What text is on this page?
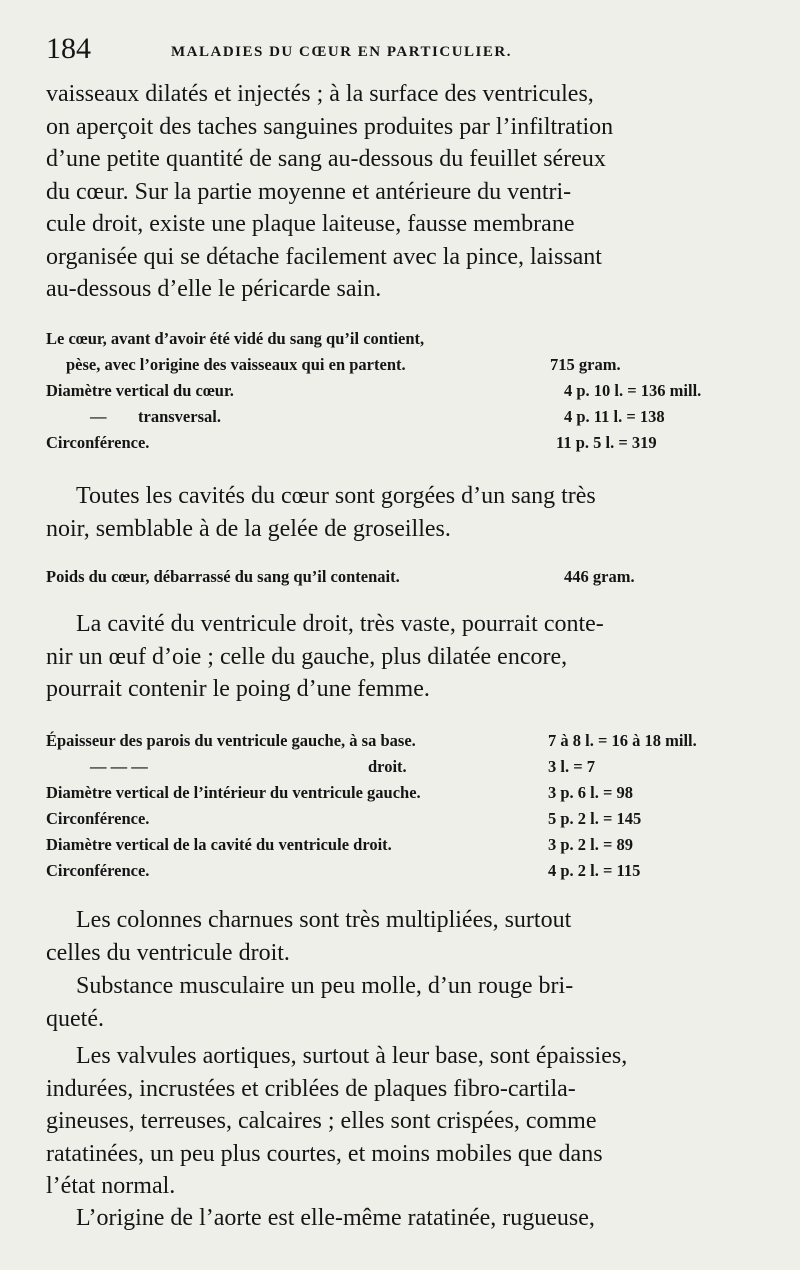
184	MALADIES DU CŒUR EN PARTICULIER.
vaisseaux dilatés et injectés ; à la surface des ventricules,
on aperçoit des taches sanguines produites par l’infiltration
d’une petite quantité de sang au-dessous du feuillet séreux
du cœur. Sur la partie moyenne et antérieure du ventri-
cule droit, existe une plaque laiteuse, fausse membrane
organisée qui se détache facilement avec la pince, laissant
au-dessous d’elle le péricarde sain.
Le cœur, avant d’avoir été vidé du sang qu’il contient,
pèse, avec l’origine des vaisseaux qui en partent.	715 gram.
Diamètre vertical du cœur.	4 p. 10 l. = 136 mill.
— transversal.	4 p. 11 l. = 138
Circonférence.	11 p. 5 l. = 319
Toutes les cavités du cœur sont gorgées d’un sang très
noir, semblable à de la gelée de groseilles.
Poids du cœur, débarrassé du sang qu’il contenait.	446 gram.
La cavité du ventricule droit, très vaste, pourrait conte-
nir un œuf d’oie ; celle du gauche, plus dilatée encore,
pourrait contenir le poing d’une femme.
Épaisseur des parois du ventricule gauche, à sa base.	7 à 8 l. = 16 à 18 mill.
— — —	droit.	3 l. = 7
Diamètre vertical de l’intérieur du ventricule gauche.	3 p. 6 l. = 98
Circonférence.	5 p. 2 l. = 145
Diamètre vertical de la cavité du ventricule droit.	3 p. 2 l. = 89
Circonférence.	4 p. 2 l. = 115
Les colonnes charnues sont très multipliées, surtout
celles du ventricule droit.
Substance musculaire un peu molle, d’un rouge bri-
queté.
Les valvules aortiques, surtout à leur base, sont épaissies,
indurées, incrustées et criblées de plaques fibro-cartila-
gineuses, terreuses, calcaires ; elles sont crispées, comme
ratatinées, un peu plus courtes, et moins mobiles que dans
l’état normal.
L’origine de l’aorte est elle-même ratatinée, rugueuse,
